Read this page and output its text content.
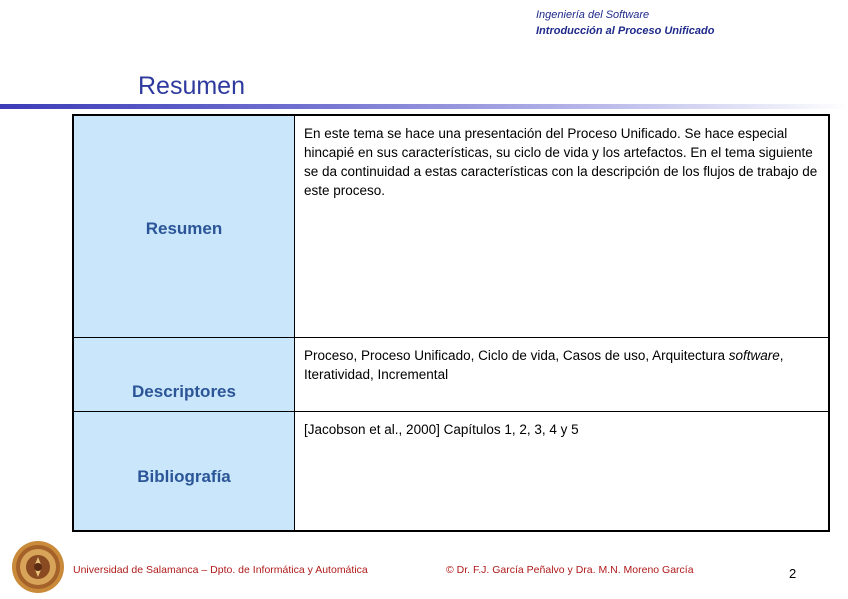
Ingeniería del Software
Introducción al Proceso Unificado
Resumen
Resumen
En este tema se hace una presentación del Proceso Unificado. Se hace especial hincapié en sus características, su ciclo de vida y los artefactos. En el tema siguiente se da continuidad a estas características con la descripción de los flujos de trabajo de este proceso.
Descriptores
Proceso, Proceso Unificado, Ciclo de vida, Casos de uso, Arquitectura software, Iteratividad, Incremental
Bibliografía
[Jacobson et al., 2000] Capítulos 1, 2, 3, 4 y 5
Universidad de Salamanca – Dpto. de Informática y Automática	© Dr. F.J. García Peñalvo y Dra. M.N. Moreno García	2
